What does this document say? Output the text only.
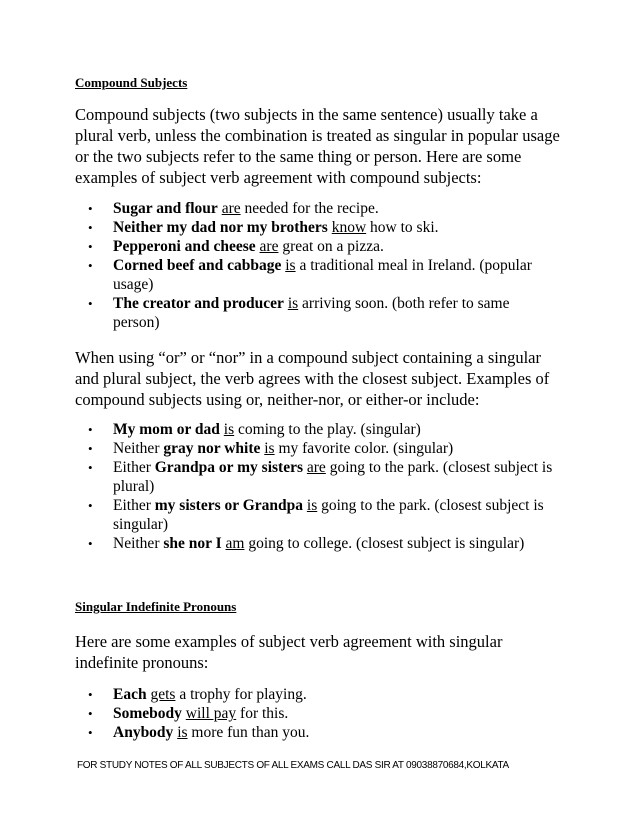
Compound Subjects

Compound subjects (two subjects in the same sentence) usually take a plural verb, unless the combination is treated as singular in popular usage or the two subjects refer to the same thing or person. Here are some examples of subject verb agreement with compound subjects:

• Sugar and flour are needed for the recipe.
• Neither my dad nor my brothers know how to ski.
• Pepperoni and cheese are great on a pizza.
• Corned beef and cabbage is a traditional meal in Ireland. (popular usage)
• The creator and producer is arriving soon. (both refer to same person)

When using “or” or “nor” in a compound subject containing a singular and plural subject, the verb agrees with the closest subject. Examples of compound subjects using or, neither-nor, or either-or include:

• My mom or dad is coming to the play. (singular)
• Neither gray nor white is my favorite color. (singular)
• Either Grandpa or my sisters are going to the park. (closest subject is plural)
• Either my sisters or Grandpa is going to the park. (closest subject is singular)
• Neither she nor I am going to college. (closest subject is singular)
Singular Indefinite Pronouns

Here are some examples of subject verb agreement with singular indefinite pronouns:

• Each gets a trophy for playing.
• Somebody will pay for this.
• Anybody is more fun than you.
FOR STUDY NOTES OF ALL SUBJECTS OF ALL EXAMS CALL DAS SIR AT 09038870684,KOLKATA
